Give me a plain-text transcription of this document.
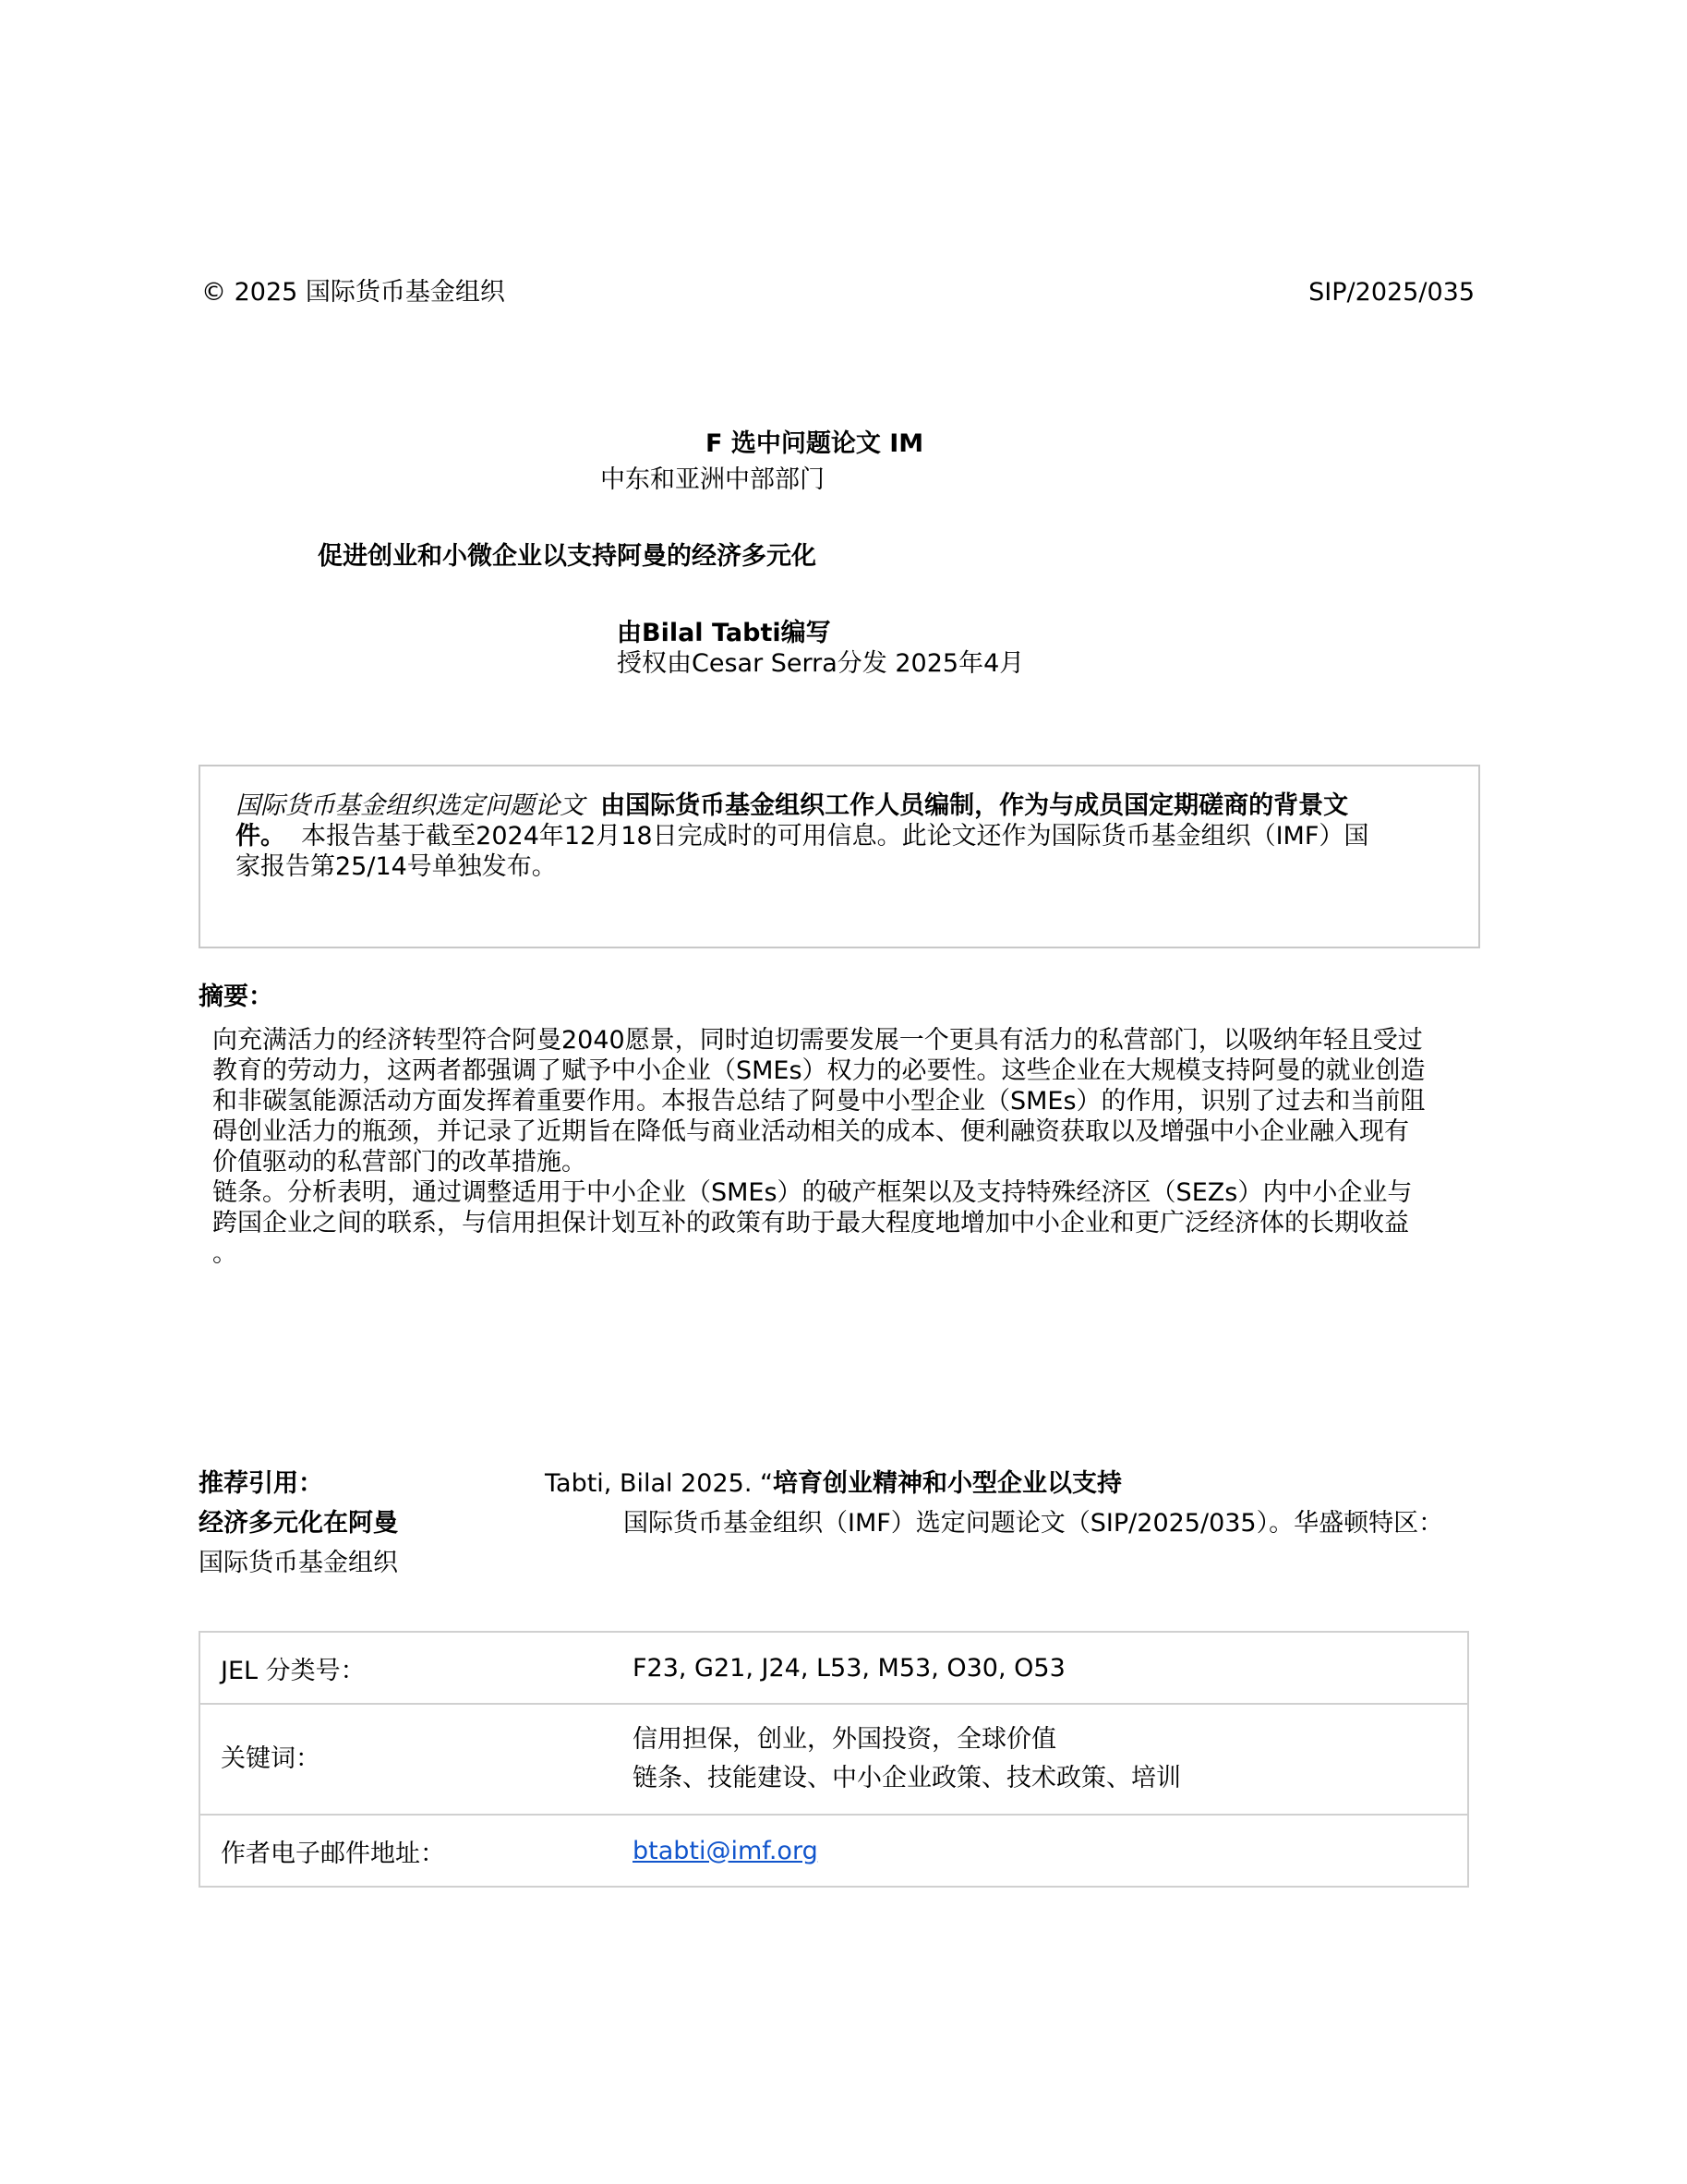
© 2025 国际货币基金组织	SIP/2025/035
F 选中问题论文 IM
中东和亚洲中部部门
促进创业和小微企业以支持阿曼的经济多元化
由Bilal Tabti编写
授权由Cesar Serra分发 2025年4月
国际货币基金组织选定问题论文 由国际货币基金组织工作人员编制，作为与成员国定期磋商的背景文
件。 本报告基于截至2024年12月18日完成时的可用信息。此论文还作为国际货币基金组织（IMF）国
家报告第25/14号单独发布。
摘要：

向充满活力的经济转型符合阿曼2040愿景，同时迫切需要发展一个更具有活力的私营部门，以吸纳年轻且受过

教育的劳动力，这两者都强调了赋予中小企业（SMEs）权力的必要性。这些企业在大规模支持阿曼的就业创造

和非碳氢能源活动方面发挥着重要作用。本报告总结了阿曼中小型企业（SMEs）的作用，识别了过去和当前阻

碍创业活力的瓶颈，并记录了近期旨在降低与商业活动相关的成本、便利融资获取以及增强中小企业融入现有

价值驱动的私营部门的改革措施。

链条。分析表明，通过调整适用于中小企业（SMEs）的破产框架以及支持特殊经济区（SEZs）内中小企业与

跨国企业之间的联系，与信用担保计划互补的政策有助于最大程度地增加中小企业和更广泛经济体的长期收益

。

推荐引用：	Tabti, Bilal 2025. “培育创业精神和小型企业以支持
经济多元化在阿曼	国际货币基金组织（IMF）选定问题论文（SIP/2025/035）。华盛顿特区：
国际货币基金组织
JEL 分类号：	F23, G21, J24, L53, M53, O30, O53
关键词：	信用担保，创业，外国投资，全球价值
链条、技能建设、中小企业政策、技术政策、培训

作者电子邮件地址：	btabti@imf.org
